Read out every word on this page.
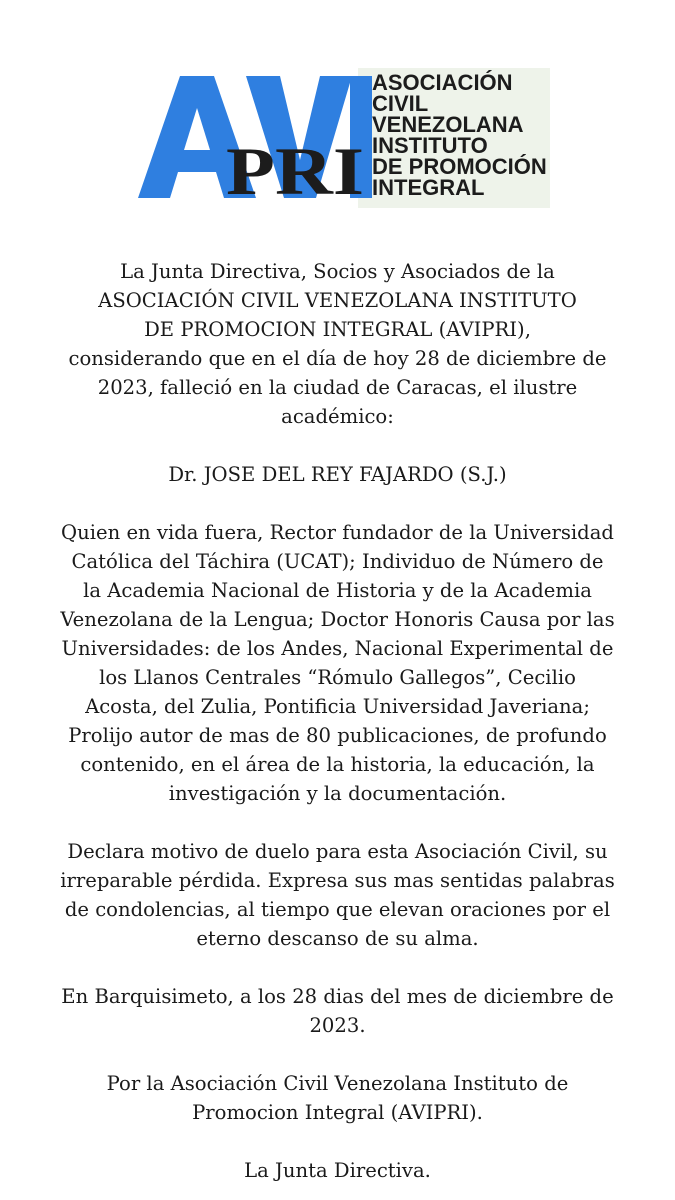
PRI
ASOCIACIÓN
CIVIL
VENEZOLANA
INSTITUTO
DE PROMOCIÓN
INTEGRAL

La Junta Directiva, Socios y Asociados de la

ASOCIACIÓN CIVIL VENEZOLANA INSTITUTO

DE PROMOCION INTEGRAL (AVIPRI),

considerando que en el día de hoy 28 de diciembre de

2023, falleció en la ciudad de Caracas, el ilustre

académico:

Dr. JOSE DEL REY FAJARDO (S.J.)

Quien en vida fuera, Rector fundador de la Universidad

Católica del Táchira (UCAT); Individuo de Número de

la Academia Nacional de Historia y de la Academia

Venezolana de la Lengua; Doctor Honoris Causa por las

Universidades: de los Andes, Nacional Experimental de

los Llanos Centrales “Rómulo Gallegos”, Cecilio

Acosta, del Zulia, Pontificia Universidad Javeriana;

Prolijo autor de mas de 80 publicaciones, de profundo

contenido, en el área de la historia, la educación, la

investigación y la documentación.

Declara motivo de duelo para esta Asociación Civil, su

irreparable pérdida. Expresa sus mas sentidas palabras

de condolencias, al tiempo que elevan oraciones por el

eterno descanso de su alma.

En Barquisimeto, a los 28 dias del mes de diciembre de

2023.

Por la Asociación Civil Venezolana Instituto de

Promocion Integral (AVIPRI).

La Junta Directiva.
